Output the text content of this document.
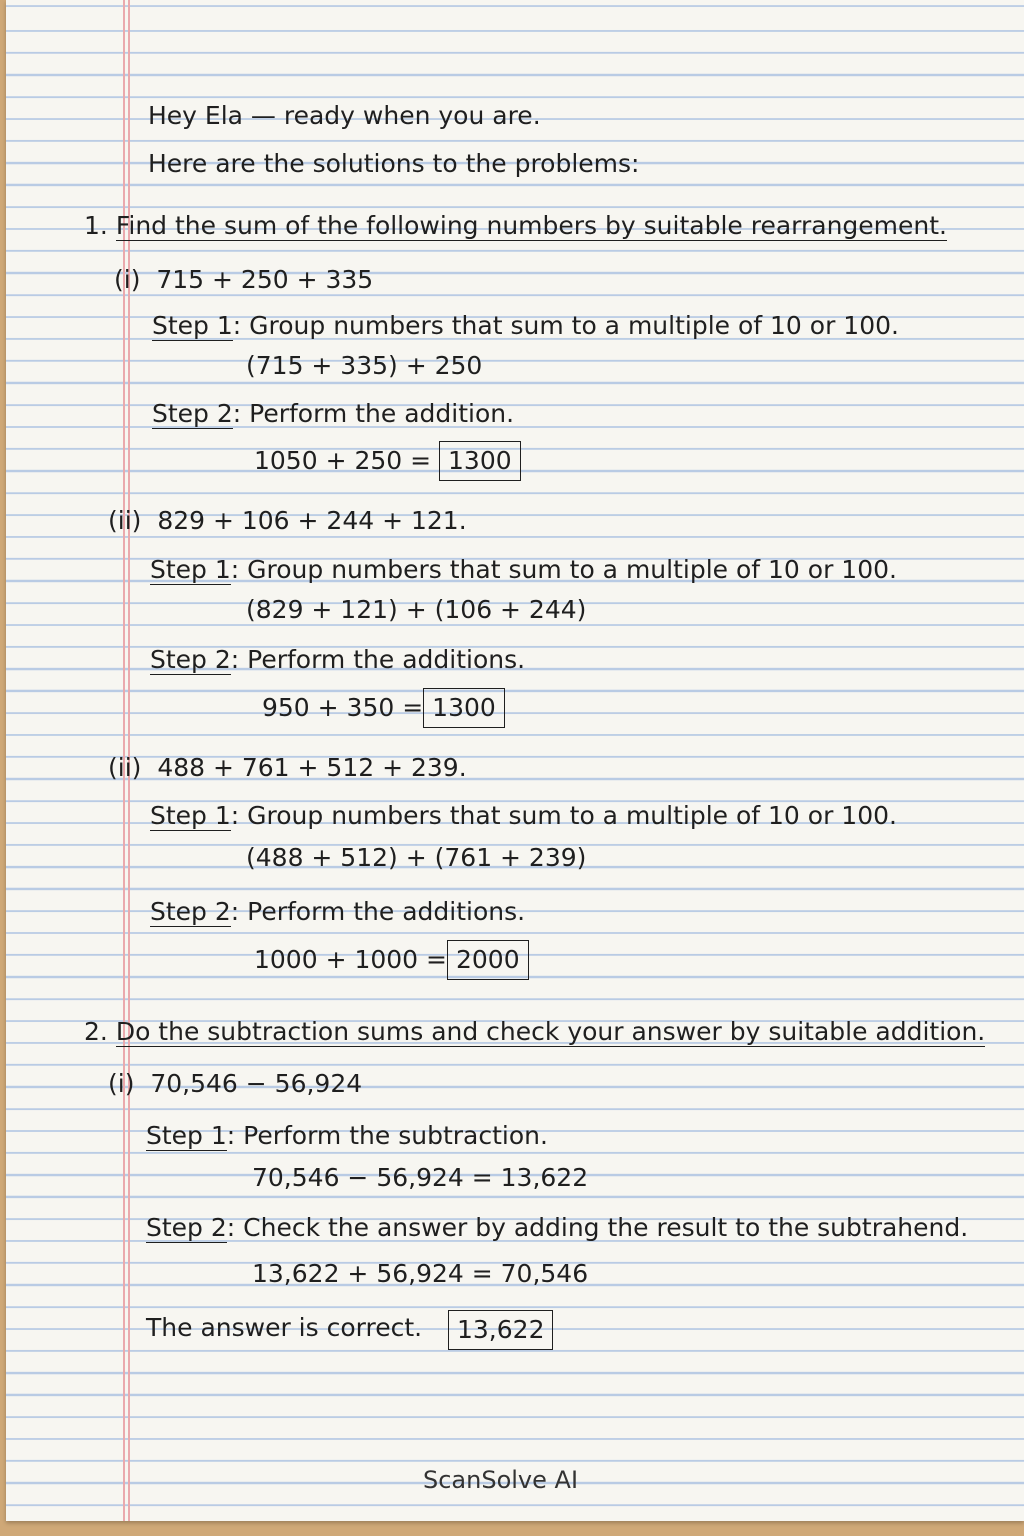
Hey Ela — ready when you are.

Here are the solutions to the problems:

1. Find the sum of the following numbers by suitable rearrangement.

(i) 715 + 250 + 335

Step 1: Group numbers that sum to a multiple of 10 or 100.

(715 + 335) + 250

Step 2: Perform the addition.

1050 + 250 = 1300

(ii) 829 + 106 + 244 + 121.

Step 1: Group numbers that sum to a multiple of 10 or 100.

(829 + 121) + (106 + 244)

Step 2: Perform the additions.

950 + 350 = 1300

(ii) 488 + 761 + 512 + 239.

Step 1: Group numbers that sum to a multiple of 10 or 100.

(488 + 512) + (761 + 239)

Step 2: Perform the additions.

1000 + 1000 = 2000

2. Do the subtraction sums and check your answer by suitable addition.

(i) 70,546 − 56,924

Step 1: Perform the subtraction.

70,546 − 56,924 = 13,622

Step 2: Check the answer by adding the result to the subtrahend.

13,622 + 56,924 = 70,546

The answer is correct.	13,622

ScanSolve AI
